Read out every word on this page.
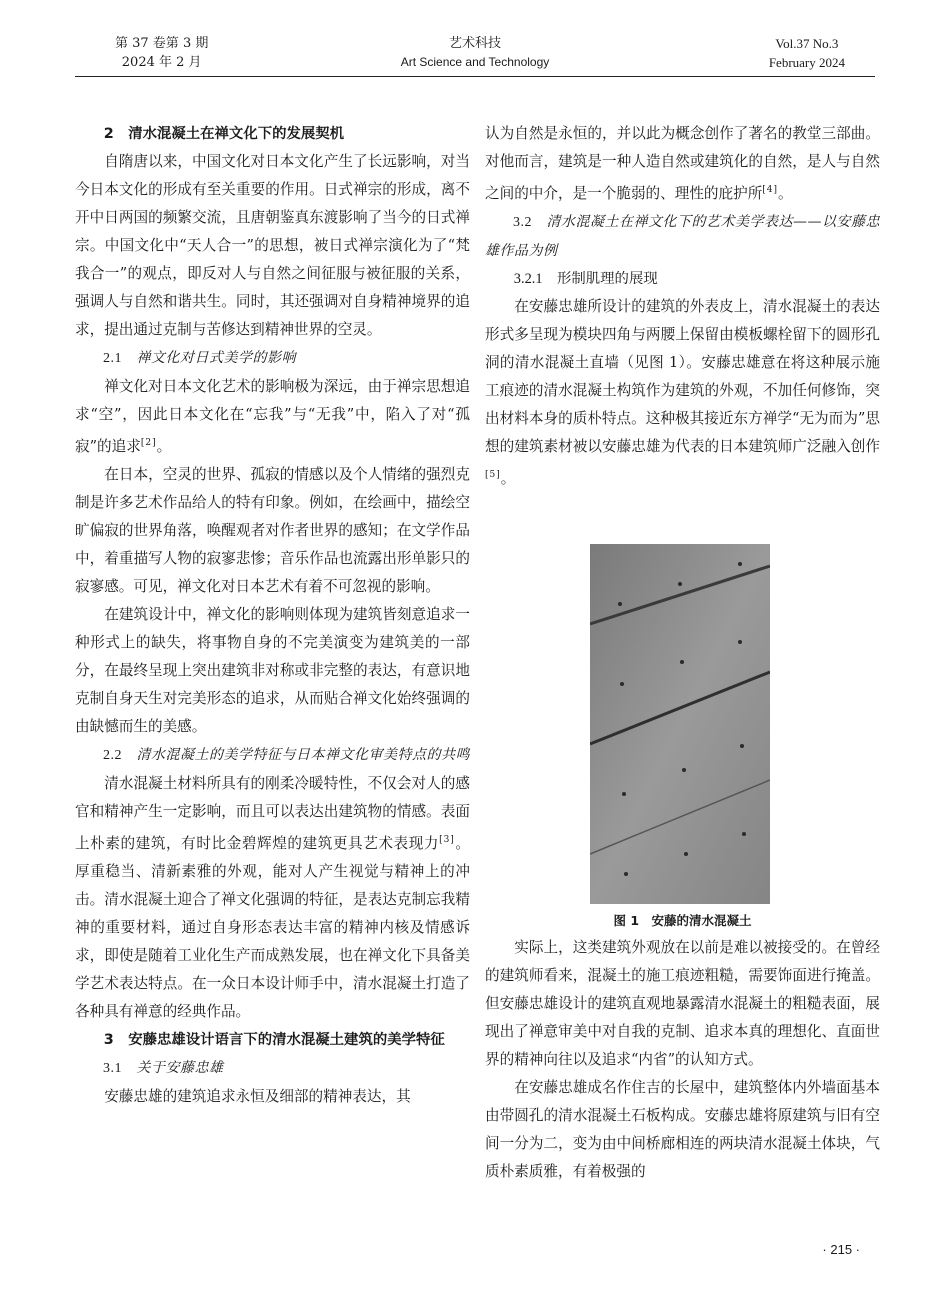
第 37 卷第 3 期
2024 年 2 月
艺术科技
Art Science and Technology
Vol.37 No.3
February 2024
2　清水混凝土在禅文化下的发展契机

自隋唐以来，中国文化对日本文化产生了长远影响，对当今日本文化的形成有至关重要的作用。日式禅宗的形成，离不开中日两国的频繁交流，且唐朝鉴真东渡影响了当今的日式禅宗。中国文化中“天人合一”的思想，被日式禅宗演化为了“梵我合一”的观点，即反对人与自然之间征服与被征服的关系，强调人与自然和谐共生。同时，其还强调对自身精神境界的追求，提出通过克制与苦修达到精神世界的空灵。

2.1　 禅文化对日式美学的影响

禅文化对日本文化艺术的影响极为深远，由于禅宗思想追求“空”，因此日本文化在“忘我”与“无我”中，陷入了对“孤寂”的追求[2]。

在日本，空灵的世界、孤寂的情感以及个人情绪的强烈克制是许多艺术作品给人的特有印象。例如，在绘画中，描绘空旷偏寂的世界角落，唤醒观者对作者世界的感知；在文学作品中，着重描写人物的寂寥悲惨；音乐作品也流露出形单影只的寂寥感。可见，禅文化对日本艺术有着不可忽视的影响。

在建筑设计中，禅文化的影响则体现为建筑皆刻意追求一种形式上的缺失，将事物自身的不完美演变为建筑美的一部分，在最终呈现上突出建筑非对称或非完整的表达，有意识地克制自身天生对完美形态的追求，从而贴合禅文化始终强调的由缺憾而生的美感。

2.2　 清水混凝土的美学特征与日本禅文化审美特点的共鸣

清水混凝土材料所具有的刚柔冷暖特性，不仅会对人的感官和精神产生一定影响，而且可以表达出建筑物的情感。表面上朴素的建筑，有时比金碧辉煌的建筑更具艺术表现力[3]。厚重稳当、清新素雅的外观，能对人产生视觉与精神上的冲击。清水混凝土迎合了禅文化强调的特征，是表达克制忘我精神的重要材料，通过自身形态表达丰富的精神内核及情感诉求，即使是随着工业化生产而成熟发展，也在禅文化下具备美学艺术表达特点。在一众日本设计师手中，清水混凝土打造了各种具有禅意的经典作品。

3　安藤忠雄设计语言下的清水混凝土建筑的美学特征
3.1　 关于安藤忠雄

安藤忠雄的建筑追求永恒及细部的精神表达，其

认为自然是永恒的，并以此为概念创作了著名的教堂三部曲。对他而言，建筑是一种人造自然或建筑化的自然，是人与自然之间的中介，是一个脆弱的、理性的庇护所[4]。

3.2　 清水混凝土在禅文化下的艺术美学表达——以安藤忠雄作品为例
3.2.1　 形制肌理的展现

在安藤忠雄所设计的建筑的外表皮上，清水混凝土的表达形式多呈现为模块四角与两腰上保留由模板螺栓留下的圆形孔洞的清水混凝土直墙（见图 1）。安藤忠雄意在将这种展示施工痕迹的清水混凝土构筑作为建筑的外观，不加任何修饰，突出材料本身的质朴特点。这种极其接近东方禅学“无为而为”思想的建筑素材被以安藤忠雄为代表的日本建筑师广泛融入创作[5]。

图 1　安藤的清水混凝土

实际上，这类建筑外观放在以前是难以被接受的。在曾经的建筑师看来，混凝土的施工痕迹粗糙，需要饰面进行掩盖。但安藤忠雄设计的建筑直观地暴露清水混凝土的粗糙表面，展现出了禅意审美中对自我的克制、追求本真的理想化、直面世界的精神向往以及追求“内省”的认知方式。

在安藤忠雄成名作住吉的长屋中，建筑整体内外墙面基本由带圆孔的清水混凝土石板构成。安藤忠雄将原建筑与旧有空间一分为二，变为由中间桥廊相连的两块清水混凝土体块，气质朴素质雅，有着极强的

· 215 ·
